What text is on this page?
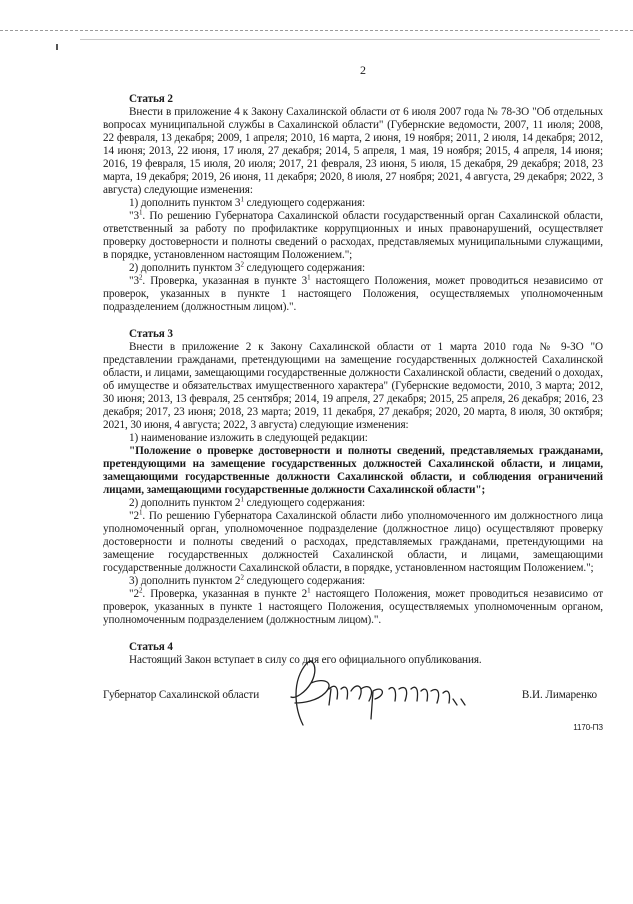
2
Статья 2

Внести в приложение 4 к Закону Сахалинской области от 6 июля 2007 года № 78-ЗО "Об отдельных вопросах муниципальной службы в Сахалинской области" (Губернские ведомости, 2007, 11 июля; 2008, 22 февраля, 13 декабря; 2009, 1 апреля; 2010, 16 марта, 2 июня, 19 ноября; 2011, 2 июля, 14 декабря; 2012, 14 июня; 2013, 22 июня, 17 июля, 27 декабря; 2014, 5 апреля, 1 мая, 19 ноября; 2015, 4 апреля, 14 июня; 2016, 19 февраля, 15 июля, 20 июля; 2017, 21 февраля, 23 июня, 5 июля, 15 декабря, 29 декабря; 2018, 23 марта, 19 декабря; 2019, 26 июня, 11 декабря; 2020, 8 июля, 27 ноября; 2021, 4 августа, 29 декабря; 2022, 3 августа) следующие изменения:

1) дополнить пунктом $3^1$ следующего содержания:

"$3^1$. По решению Губернатора Сахалинской области государственный орган Сахалинской области, ответственный за работу по профилактике коррупционных и иных правонарушений, осуществляет проверку достоверности и полноты сведений о расходах, представляемых муниципальными служащими, в порядке, установленном настоящим Положением.";

2) дополнить пунктом $3^2$ следующего содержания:

"$3^2$. Проверка, указанная в пункте $3^1$ настоящего Положения, может проводиться независимо от проверок, указанных в пункте 1 настоящего Положения, осуществляемых уполномоченным подразделением (должностным лицом).".

Статья 3

Внести в приложение 2 к Закону Сахалинской области от 1 марта 2010 года № 9-ЗО "О представлении гражданами, претендующими на замещение государственных должностей Сахалинской области, и лицами, замещающими государственные должности Сахалинской области, сведений о доходах, об имуществе и обязательствах имущественного характера" (Губернские ведомости, 2010, 3 марта; 2012, 30 июня; 2013, 13 февраля, 25 сентября; 2014, 19 апреля, 27 декабря; 2015, 25 апреля, 26 декабря; 2016, 23 декабря; 2017, 23 июня; 2018, 23 марта; 2019, 11 декабря, 27 декабря; 2020, 20 марта, 8 июля, 30 октября; 2021, 30 июня, 4 августа; 2022, 3 августа) следующие изменения:

1) наименование изложить в следующей редакции:

"Положение о проверке достоверности и полноты сведений, представляемых гражданами, претендующими на замещение государственных должностей Сахалинской области, и лицами, замещающими государственные должности Сахалинской области, и соблюдения ограничений лицами, замещающими государственные должности Сахалинской области";

2) дополнить пунктом $2^1$ следующего содержания:

"$2^1$. По решению Губернатора Сахалинской области либо уполномоченного им должностного лица уполномоченный орган, уполномоченное подразделение (должностное лицо) осуществляют проверку достоверности и полноты сведений о расходах, представляемых гражданами, претендующими на замещение государственных должностей Сахалинской области, и лицами, замещающими государственные должности Сахалинской области, в порядке, установленном настоящим Положением.";

3) дополнить пунктом $2^2$ следующего содержания:

"$2^2$. Проверка, указанная в пункте $2^1$ настоящего Положения, может проводиться независимо от проверок, указанных в пункте 1 настоящего Положения, осуществляемых уполномоченным органом, уполномоченным подразделением (должностным лицом).".

Статья 4

Настоящий Закон вступает в силу со дня его официального опубликования.

Губернатор Сахалинской области	В.И. Лимаренко
1170-ПЗ
